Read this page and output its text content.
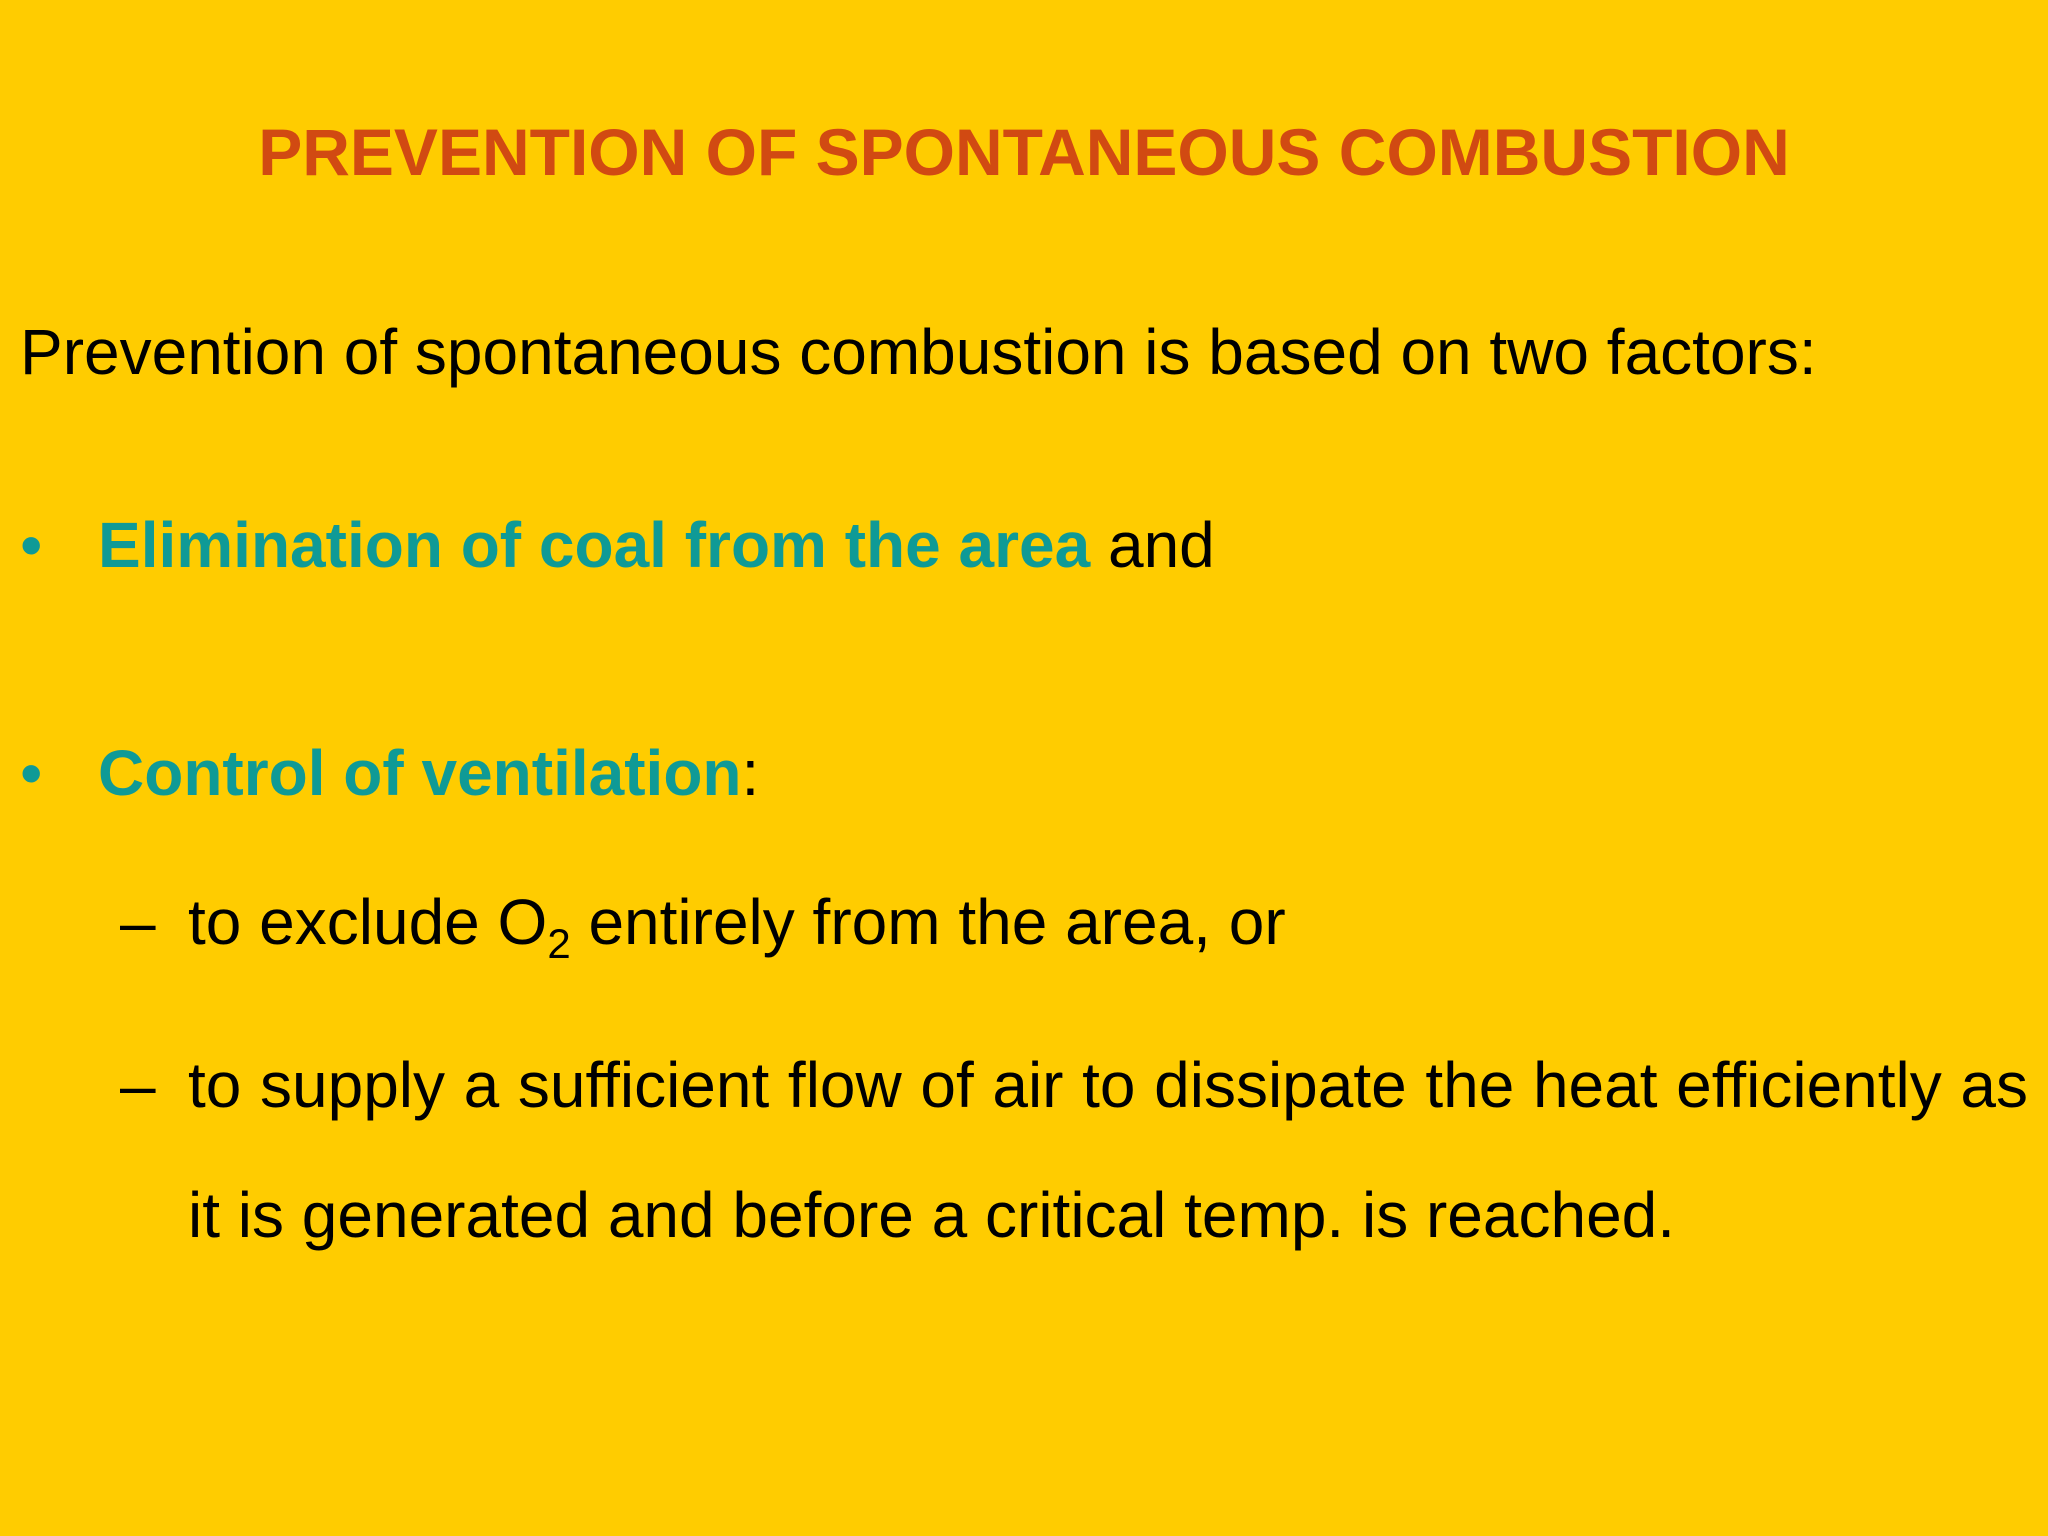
PREVENTION OF SPONTANEOUS COMBUSTION
Prevention of spontaneous combustion is based on two factors:
• Elimination of coal from the area and
• Control of ventilation:
– to exclude $O_2$ entirely from the area, or
– to supply a sufficient flow of air to dissipate the heat efficiently as it is generated and before a critical temp. is reached.
